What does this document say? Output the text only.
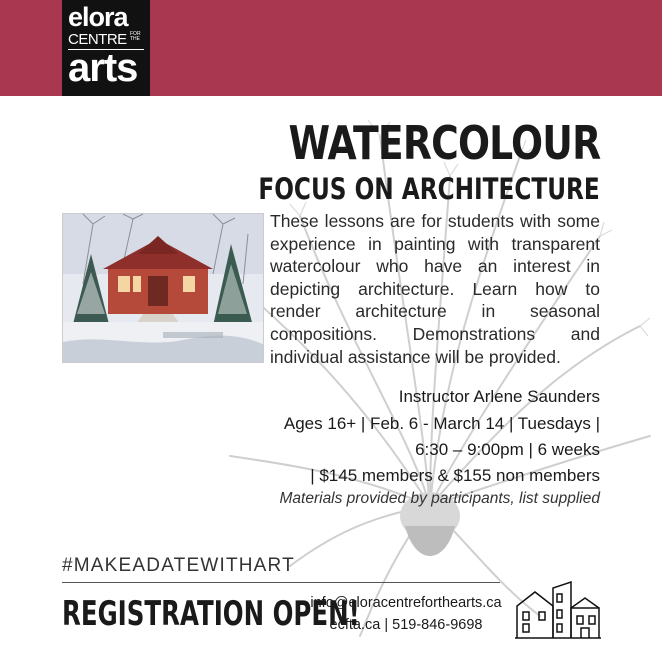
elora
CENTRE FOR THE
arts
WATERCOLOUR
FOCUS ON ARCHITECTURE

These lessons are for students with some experience in painting with transparent watercolour who have an interest in depicting architecture. Learn how to render architecture in seasonal compositions. Demonstrations and individual assistance will be provided.

Instructor Arlene Saunders
Ages 16+ | Feb. 6 - March 14 | Tuesdays |
6:30 – 9:00pm | 6 weeks
| $145 members & $155 non members
Materials provided by participants, list supplied
#MAKEADATEWITHART
REGISTRATION OPEN!
info@eloracentreforthearts.ca
ecfta.ca | 519-846-9698
